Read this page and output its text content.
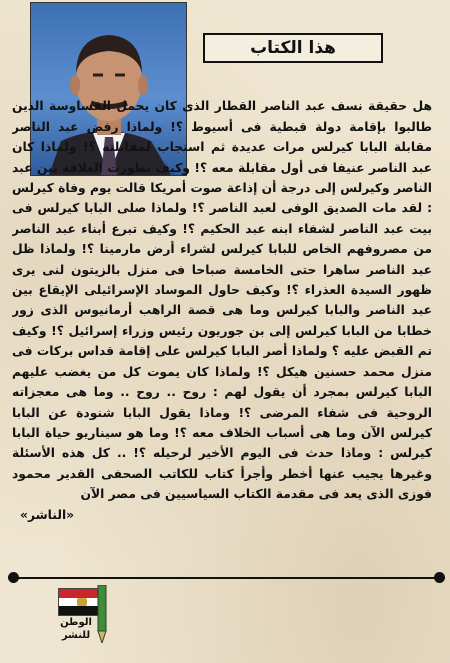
هذا الكتاب

هل حقيقة نسف عبد الناصر القطار الذى كان يحمل القساوسة الذين طالبوا بإقامة دولة قبطية فى أسيوط ؟! ولماذا رفض عبد الناصر مقابلة البابا كيرلس مرات عديدة ثم استجاب لمقابلته ؟! ولماذا كان عبد الناصر عنيفا فى أول مقابلة معه ؟! وكيف تطورت العلاقة بين عبد الناصر وكيرلس إلى درجة أن إذاعة صوت أمريكا قالت يوم وفاة كيرلس : لقد مات الصديق الوفى لعبد الناصر ؟! ولماذا صلى البابا كيرلس فى بيت عبد الناصر لشفاء ابنه عبد الحكيم ؟! وكيف تبرع أبناء عبد الناصر من مصروفهم الخاص للبابا كيرلس لشراء أرض مارمينا ؟! ولماذا ظل عبد الناصر ساهرا حتى الخامسة صباحا فى منزل بالزيتون لنى يرى ظهور السيدة العذراء ؟! وكيف حاول الموساد الإسرائيلى الإيقاع بين عبد الناصر والبابا كيرلس وما هى قصة الراهب أرمانيوس الذى زور خطابا من البابا كيرلس إلى بن جوريون رئيس وزراء إسرائيل ؟! وكيف تم القبض عليه ؟ ولماذا أصر البابا كيرلس على إقامة قداس بركات فى منزل محمد حسنين هيكل ؟! ولماذا كان يموت كل من يغضب عليهم البابا كيرلس بمجرد أن يقول لهم : روح .. روح .. وما هى معجزاته الروحية فى شفاء المرضى ؟! وماذا يقول البابا شنودة عن البابا كيرلس الآن وما هى أسباب الخلاف معه ؟! وما هو سيناريو حياة البابا كيرلس : وماذا حدث فى اليوم الأخير لرحيله ؟! .. كل هذه الأسئلة وغيرها يجيب عنها أخطر وأجرأ كتاب للكاتب الصحفى القدير محمود فوزى الذى يعد فى مقدمة الكتاب السياسيين فى مصر الآن

«الناشر»

الوطن للنشر
